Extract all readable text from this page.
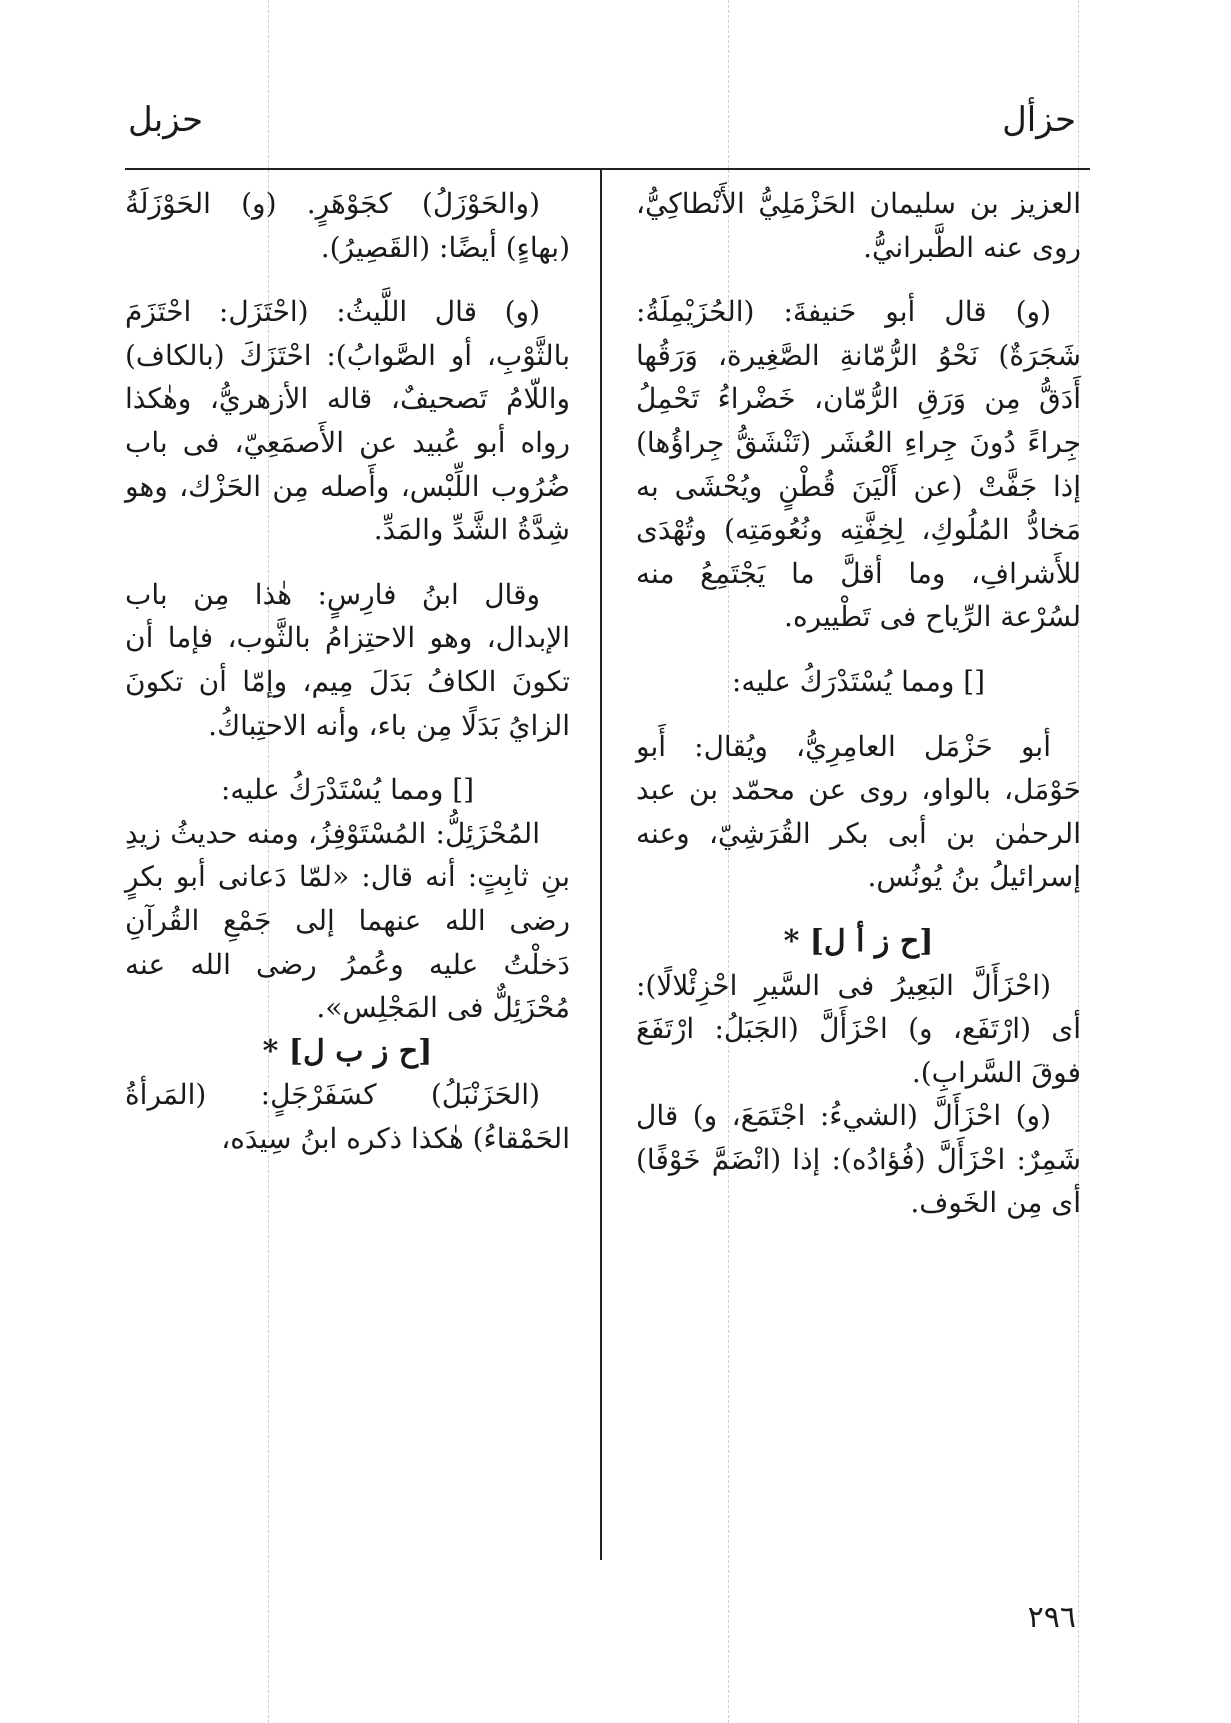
حزأل
حزبل

العزيز بن سليمان الحَزْمَلِيُّ الأَنْطاكِيُّ، روى عنه الطَّبرانيُّ.

(و) قال أبو حَنيفةَ: (الحُزَيْمِلَةُ: شَجَرَةٌ) نَحْوُ الرُّمّانةِ الصَّغِيرة، وَرَقُها أَدَقُّ مِن وَرَقِ الرُّمّان، خَضْراءُ تَحْمِلُ جِراءً دُونَ جِراءِ العُشَر (تَنْشَقُّ جِراؤُها) إذا جَفَّتْ (عن أَلْيَنَ قُطْنٍ ويُحْشَى به مَخادُّ المُلُوكِ، لِخِفَّتِه ونُعُومَتِه) وتُهْدَى للأَشرافِ، وما أقلَّ ما يَجْتَمِعُ منه لسُرْعة الرِّياح فى تَطْييره.

[] ومما يُسْتَدْرَكُ عليه:

أبو حَزْمَل العامِرِيُّ، ويُقال: أَبو حَوْمَل، بالواو، روى عن محمّد بن عبد الرحمٰن بن أبى بكر القُرَشِيّ، وعنه إسرائيلُ بنُ يُونُس.

[ح ز أ ل] *

(احْزَأَلَّ البَعِيرُ فى السَّيرِ احْزِئْلالًا): أى (ارْتَفَع، و) احْزَأَلَّ (الجَبَلُ: ارْتَفَعَ فوقَ السَّرابِ).

(و) احْزَأَلَّ (الشيءُ: اجْتَمَعَ، و) قال شَمِرٌ: احْزَأَلَّ (فُؤادُه): إذا (انْضَمَّ خَوْفًا) أى مِن الخَوف.

(والحَوْزَلُ) كجَوْهَرٍ. (و) الحَوْزَلَةُ (بهاءٍ) أيضًا: (القَصِيرُ).

(و) قال اللَّيثُ: (احْتَزَل: احْتَزَمَ بالثَّوْبِ، أو الصَّوابُ): احْتَزَكَ (بالكاف) واللّامُ تَصحيفٌ، قاله الأزهريُّ، وهٰكذا رواه أبو عُبيد عن الأَصمَعِيّ، فى باب ضُرُوب اللِّبْس، وأَصله مِن الحَزْك، وهو شِدَّةُ الشَّدِّ والمَدِّ.

وقال ابنُ فارِسٍ: هٰذا مِن باب الإبدال، وهو الاحتِزامُ بالثَّوب، فإما أن تكونَ الكافُ بَدَلَ مِيم، وإمّا أن تكونَ الزايُ بَدَلًا مِن باء، وأنه الاحتِباكُ.

[] ومما يُسْتَدْرَكُ عليه:

المُحْزَئِلُّ: المُسْتَوْفِزُ، ومنه حديثُ زيدِ بنِ ثابِتٍ: أنه قال: «لمّا دَعانى أبو بكرٍ رضى الله عنهما إلى جَمْعِ القُرآنِ دَخلْتُ عليه وعُمرُ رضى الله عنه مُحْزَئِلٌّ فى المَجْلِس».

[ح ز ب ل] *

(الحَزَنْبَلُ) كسَفَرْجَلٍ: (المَرأةُ الحَمْقاءُ) هٰكذا ذكره ابنُ سِيدَه،

٢٩٦
